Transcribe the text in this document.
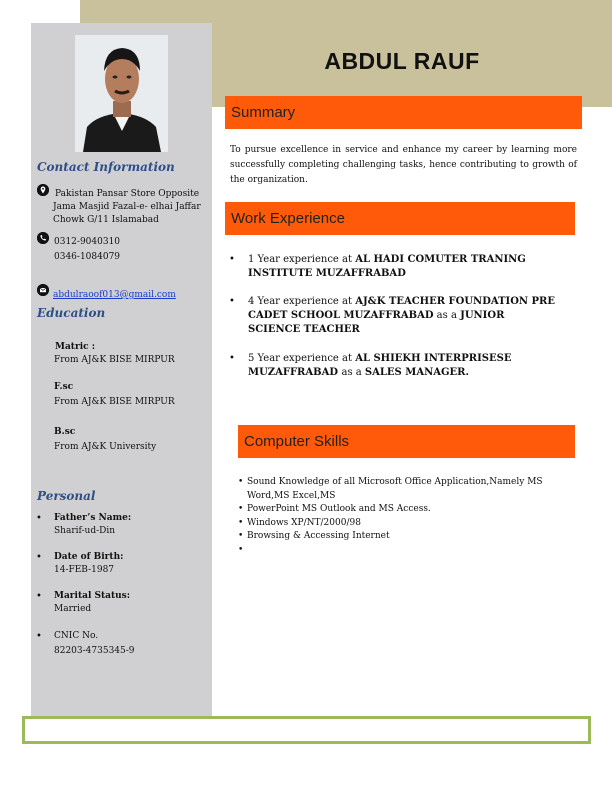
ABDUL RAUF
Contact Information
Pakistan Pansar Store Opposite
Jama Masjid Fazal-e- elhai Jaffar
Chowk G/11 Islamabad
0312-9040310
0346-1084079
abdulraoof013@gmail.com
Education
Matric :
From AJ&K BISE MIRPUR
F.sc
From AJ&K BISE MIRPUR
B.sc
From AJ&K University
Personal
• Father’s Name:
Sharif-ud-Din
• Date of Birth:
14-FEB-1987
• Marital Status:
Married
• CNIC No.
82203-4735345-9
Summary
To pursue excellence in service and enhance my career by learning more successfully completing challenging tasks, hence contributing to growth of the organization.
Work Experience
• 1 Year experience at AL HADI COMUTER TRANING INSTITUTE MUZAFFRABAD
• 4 Year experience at AJ&K TEACHER FOUNDATION PRE CADET SCHOOL MUZAFFRABAD as a JUNIOR SCIENCE TEACHER
• 5 Year experience at AL SHIEKH INTERPRISESE MUZAFFRABAD as a SALES MANAGER.
Computer Skills
• Sound Knowledge of all Microsoft Office Application,Namely MS Word,MS Excel,MS
• PowerPoint MS Outlook and MS Access.
• Windows XP/NT/2000/98
• Browsing & Accessing Internet
•
